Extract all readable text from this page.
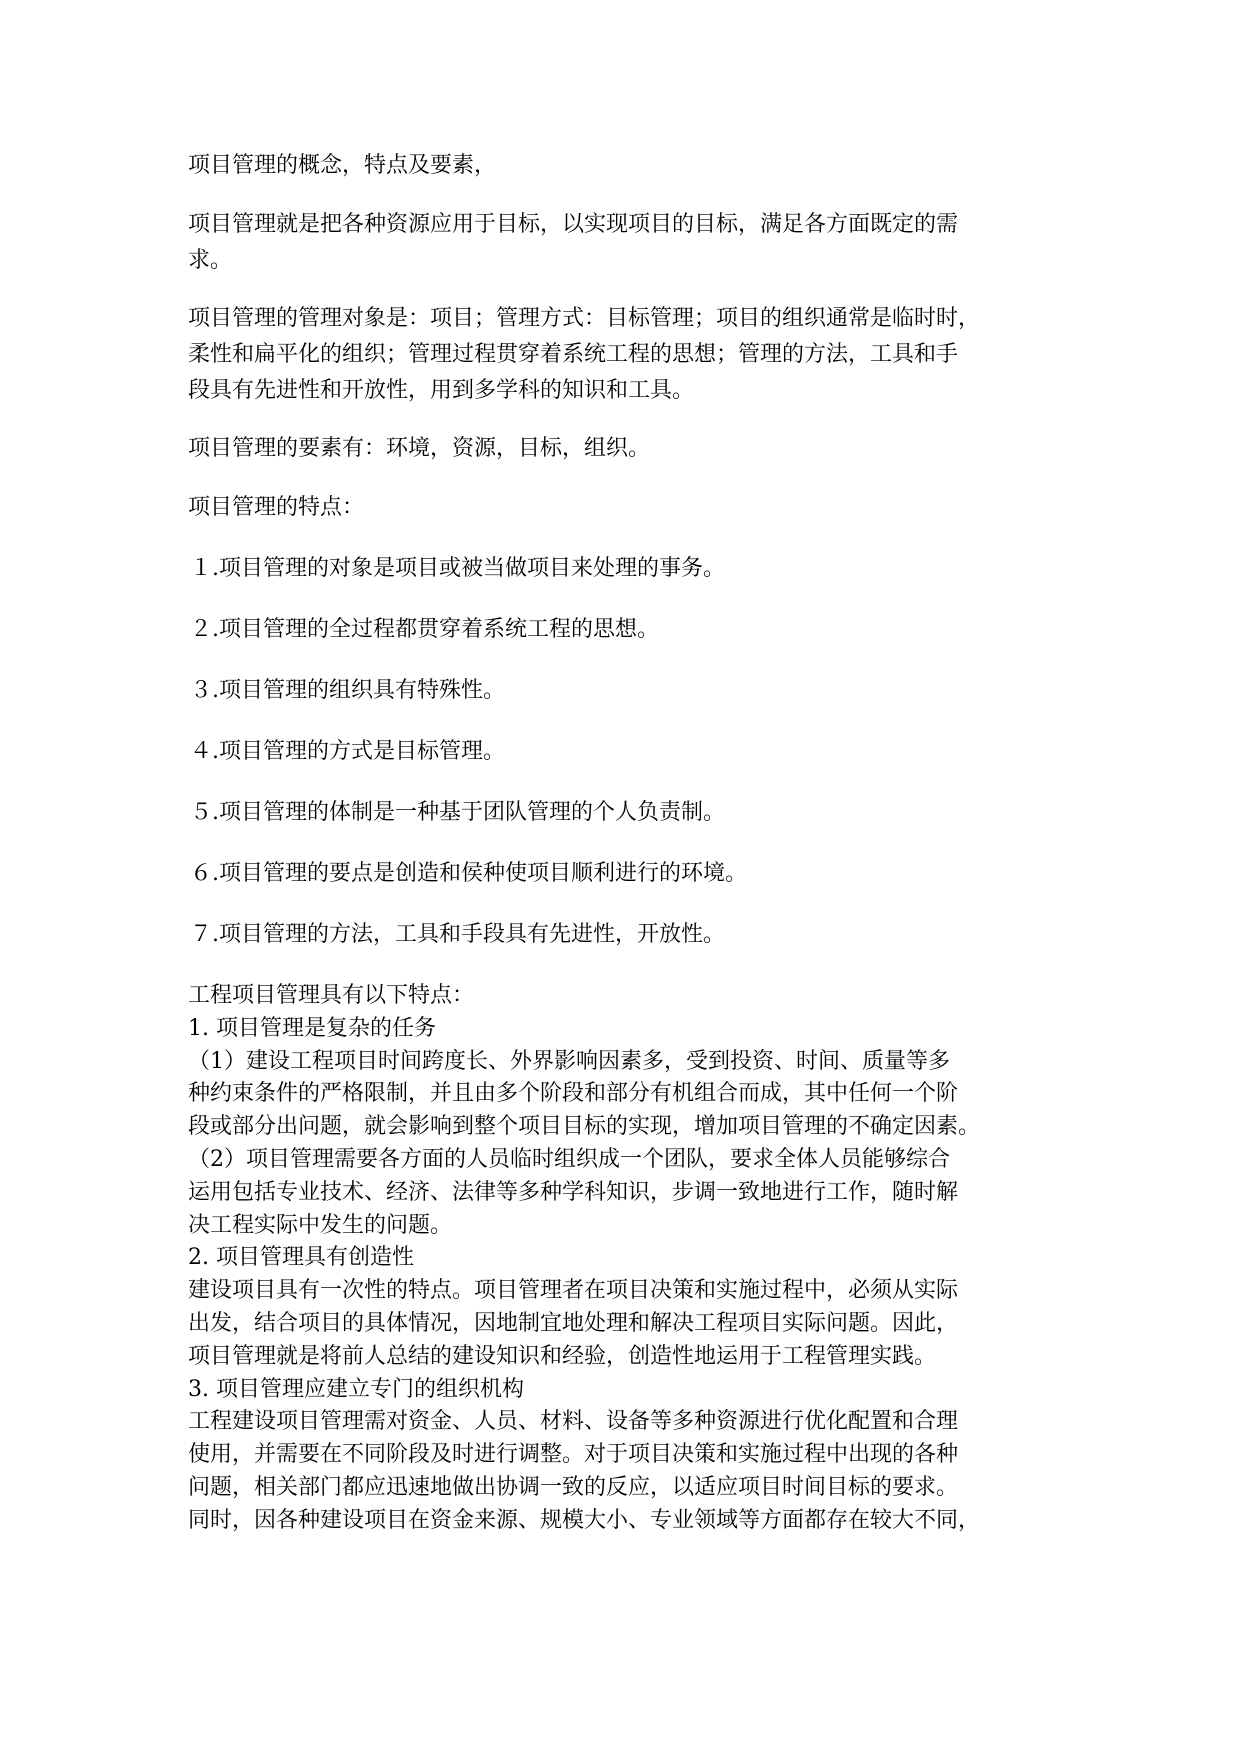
项目管理的概念，特点及要素，
项目管理就是把各种资源应用于目标，以实现项目的目标，满足各方面既定的需
求。
项目管理的管理对象是：项目；管理方式：目标管理；项目的组织通常是临时时，
柔性和扁平化的组织；管理过程贯穿着系统工程的思想；管理的方法，工具和手
段具有先进性和开放性，用到多学科的知识和工具。
项目管理的要素有：环境，资源，目标，组织。
项目管理的特点：
１.项目管理的对象是项目或被当做项目来处理的事务。
２.项目管理的全过程都贯穿着系统工程的思想。
３.项目管理的组织具有特殊性。
４.项目管理的方式是目标管理。
５.项目管理的体制是一种基于团队管理的个人负责制。
６.项目管理的要点是创造和侯种使项目顺利进行的环境。
７.项目管理的方法，工具和手段具有先进性，开放性。
工程项目管理具有以下特点：
1. 项目管理是复杂的任务
（1）建设工程项目时间跨度长、外界影响因素多，受到投资、时间、质量等多
种约束条件的严格限制，并且由多个阶段和部分有机组合而成，其中任何一个阶
段或部分出问题，就会影响到整个项目目标的实现，增加项目管理的不确定因素。
（2）项目管理需要各方面的人员临时组织成一个团队，要求全体人员能够综合
运用包括专业技术、经济、法律等多种学科知识，步调一致地进行工作，随时解
决工程实际中发生的问题。
2. 项目管理具有创造性
建设项目具有一次性的特点。项目管理者在项目决策和实施过程中，必须从实际
出发，结合项目的具体情况，因地制宜地处理和解决工程项目实际问题。因此，
项目管理就是将前人总结的建设知识和经验，创造性地运用于工程管理实践。
3. 项目管理应建立专门的组织机构
工程建设项目管理需对资金、人员、材料、设备等多种资源进行优化配置和合理
使用，并需要在不同阶段及时进行调整。对于项目决策和实施过程中出现的各种
问题，相关部门都应迅速地做出协调一致的反应，以适应项目时间目标的要求。
同时，因各种建设项目在资金来源、规模大小、专业领域等方面都存在较大不同，
